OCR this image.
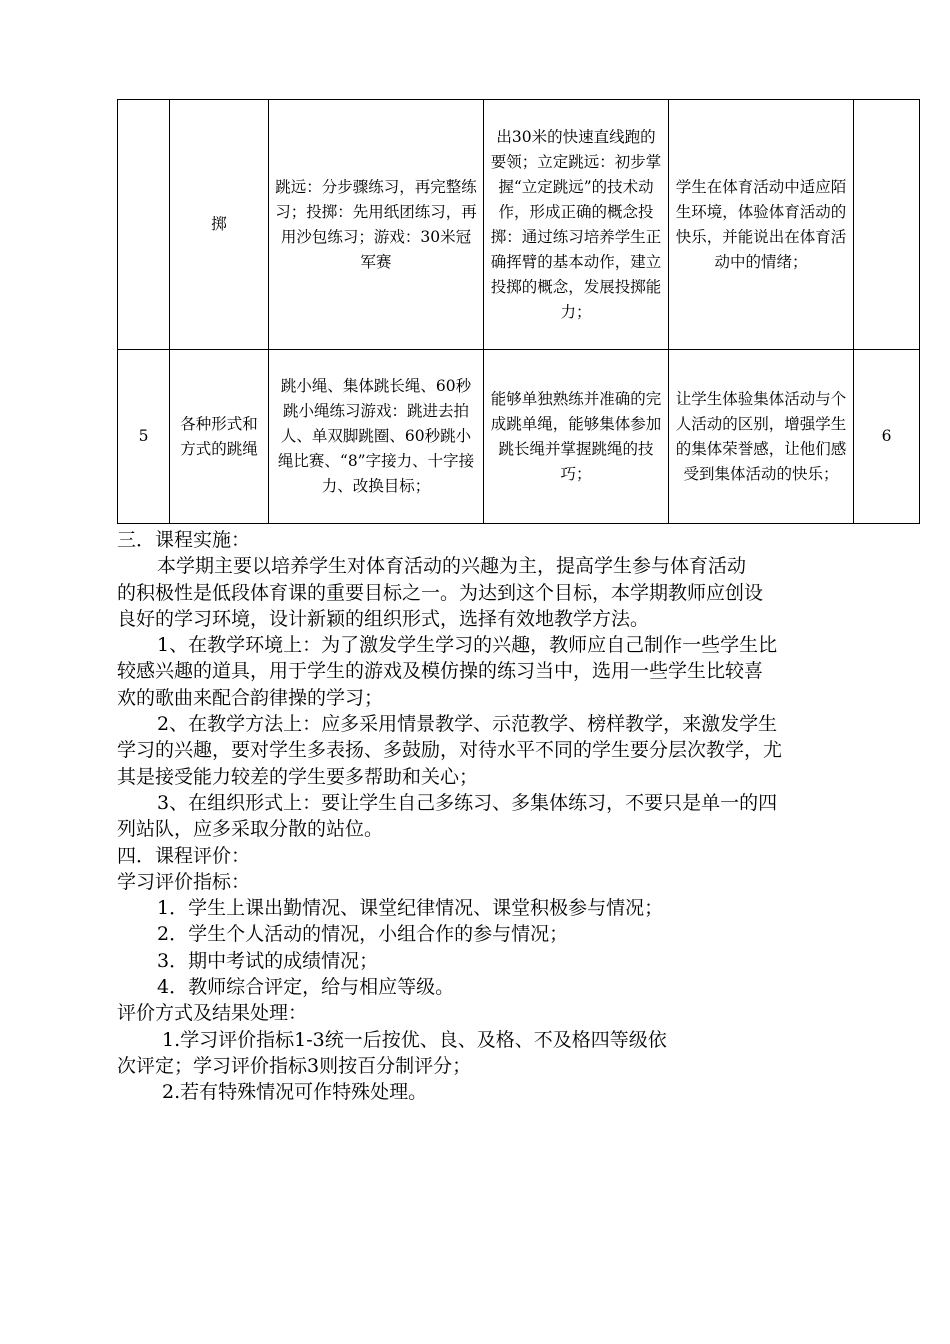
	掷	跳远：分步骤练习，再完整练习；投掷：先用纸团练习，再用沙包练习；游戏：30米冠军赛	出30米的快速直线跑的要领；立定跳远：初步掌握“立定跳远”的技术动作，形成正确的概念投掷：通过练习培养学生正确挥臂的基本动作，建立投掷的概念，发展投掷能力；	学生在体育活动中适应陌生环境，体验体育活动的快乐，并能说出在体育活动中的情绪；	
5	各种形式和方式的跳绳	跳小绳、集体跳长绳、60秒跳小绳练习游戏：跳进去拍人、单双脚跳圈、60秒跳小绳比赛、“8”字接力、十字接力、改换目标；	能够单独熟练并准确的完成跳单绳，能够集体参加跳长绳并掌握跳绳的技巧；	让学生体验集体活动与个人活动的区别，增强学生的集体荣誉感，让他们感受到集体活动的快乐；	6
三．课程实施：
本学期主要以培养学生对体育活动的兴趣为主，提高学生参与体育活动
的积极性是低段体育课的重要目标之一。为达到这个目标，本学期教师应创设
良好的学习环境，设计新颖的组织形式，选择有效地教学方法。
1、在教学环境上：为了激发学生学习的兴趣，教师应自己制作一些学生比
较感兴趣的道具，用于学生的游戏及模仿操的练习当中，选用一些学生比较喜
欢的歌曲来配合韵律操的学习；
2、在教学方法上：应多采用情景教学、示范教学、榜样教学，来激发学生
学习的兴趣，要对学生多表扬、多鼓励，对待水平不同的学生要分层次教学，尤
其是接受能力较差的学生要多帮助和关心；
3、在组织形式上：要让学生自己多练习、多集体练习，不要只是单一的四
列站队，应多采取分散的站位。
四．课程评价：
学习评价指标：
1．学生上课出勤情况、课堂纪律情况、课堂积极参与情况；
2．学生个人活动的情况，小组合作的参与情况；
3．期中考试的成绩情况；
4．教师综合评定，给与相应等级。
评价方式及结果处理：
1.学习评价指标1-3统一后按优、良、及格、不及格四等级依
次评定；学习评价指标3则按百分制评分；
2.若有特殊情况可作特殊处理。
